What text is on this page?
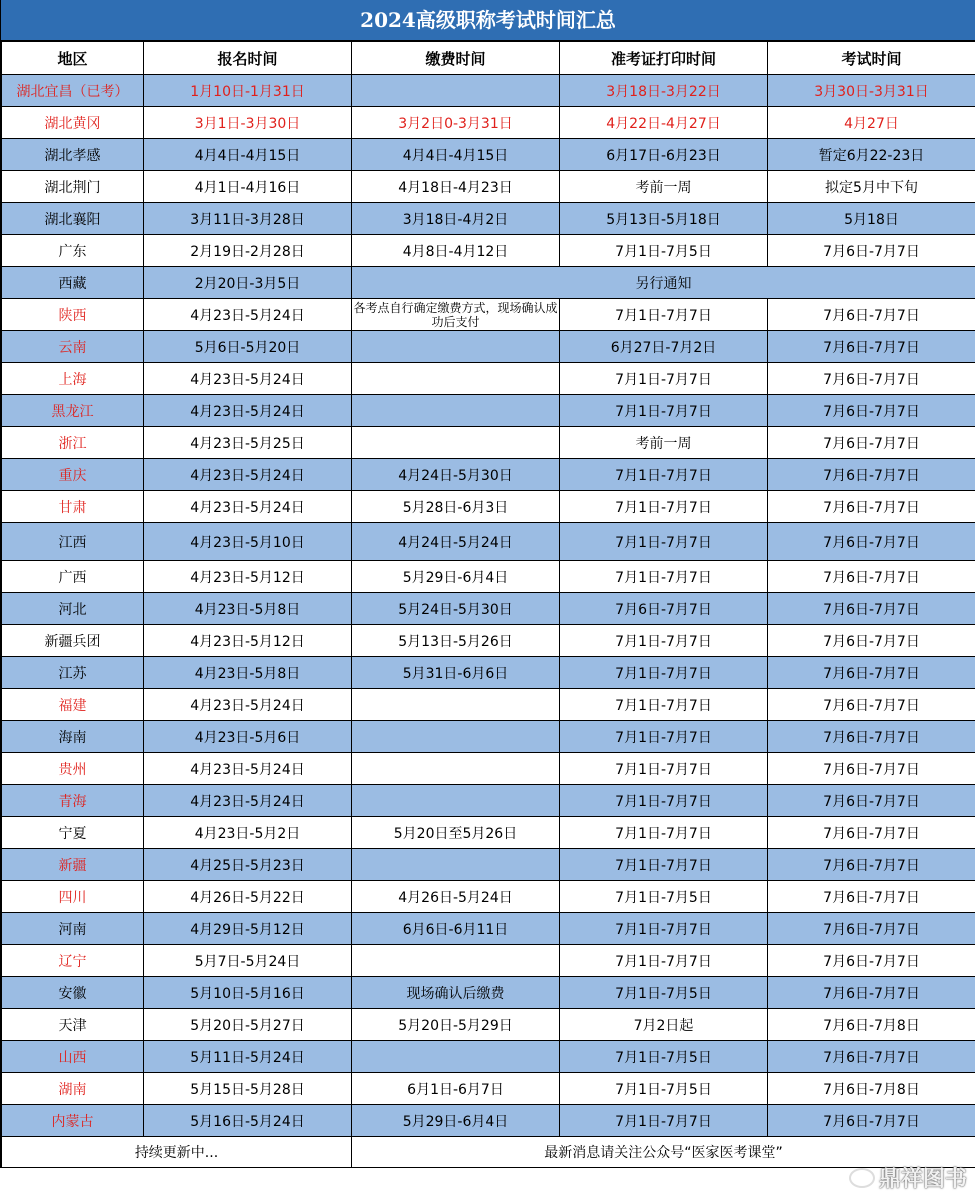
2024高级职称考试时间汇总
地区	报名时间	缴费时间	准考证打印时间	考试时间
湖北宜昌（已考）	1月10日-1月31日		3月18日-3月22日	3月30日-3月31日
湖北黄冈	3月1日-3月30日	3月2日0-3月31日	4月22日-4月27日	4月27日
湖北孝感	4月4日-4月15日	4月4日-4月15日	6月17日-6月23日	暂定6月22-23日
湖北荆门	4月1日-4月16日	4月18日-4月23日	考前一周	拟定5月中下旬
湖北襄阳	3月11日-3月28日	3月18日-4月2日	5月13日-5月18日	5月18日
广东	2月19日-2月28日	4月8日-4月12日	7月1日-7月5日	7月6日-7月7日
西藏	2月20日-3月5日	另行通知		
陕西	4月23日-5月24日	各考点自行确定缴费方式，现场确认成功后支付	7月1日-7月7日	7月6日-7月7日
云南	5月6日-5月20日		6月27日-7月2日	7月6日-7月7日
上海	4月23日-5月24日		7月1日-7月7日	7月6日-7月7日
黑龙江	4月23日-5月24日		7月1日-7月7日	7月6日-7月7日
浙江	4月23日-5月25日		考前一周	7月6日-7月7日
重庆	4月23日-5月24日	4月24日-5月30日	7月1日-7月7日	7月6日-7月7日
甘肃	4月23日-5月24日	5月28日-6月3日	7月1日-7月7日	7月6日-7月7日
江西	4月23日-5月10日	4月24日-5月24日	7月1日-7月7日	7月6日-7月7日
广西	4月23日-5月12日	5月29日-6月4日	7月1日-7月7日	7月6日-7月7日
河北	4月23日-5月8日	5月24日-5月30日	7月6日-7月7日	7月6日-7月7日
新疆兵团	4月23日-5月12日	5月13日-5月26日	7月1日-7月7日	7月6日-7月7日
江苏	4月23日-5月8日	5月31日-6月6日	7月1日-7月7日	7月6日-7月7日
福建	4月23日-5月24日		7月1日-7月7日	7月6日-7月7日
海南	4月23日-5月6日		7月1日-7月7日	7月6日-7月7日
贵州	4月23日-5月24日		7月1日-7月7日	7月6日-7月7日
青海	4月23日-5月24日		7月1日-7月7日	7月6日-7月7日
宁夏	4月23日-5月2日	5月20日至5月26日	7月1日-7月7日	7月6日-7月7日
新疆	4月25日-5月23日		7月1日-7月7日	7月6日-7月7日
四川	4月26日-5月22日	4月26日-5月24日	7月1日-7月5日	7月6日-7月7日
河南	4月29日-5月12日	6月6日-6月11日	7月1日-7月7日	7月6日-7月7日
辽宁	5月7日-5月24日		7月1日-7月7日	7月6日-7月7日
安徽	5月10日-5月16日	现场确认后缴费	7月1日-7月5日	7月6日-7月7日
天津	5月20日-5月27日	5月20日-5月29日	7月2日起	7月6日-7月8日
山西	5月11日-5月24日		7月1日-7月5日	7月6日-7月7日
湖南	5月15日-5月28日	6月1日-6月7日	7月1日-7月5日	7月6日-7月8日
内蒙古	5月16日-5月24日	5月29日-6月4日	7月1日-7月7日	7月6日-7月7日
持续更新中...		最新消息请关注公众号“医家医考课堂”		
鼎祥图书
